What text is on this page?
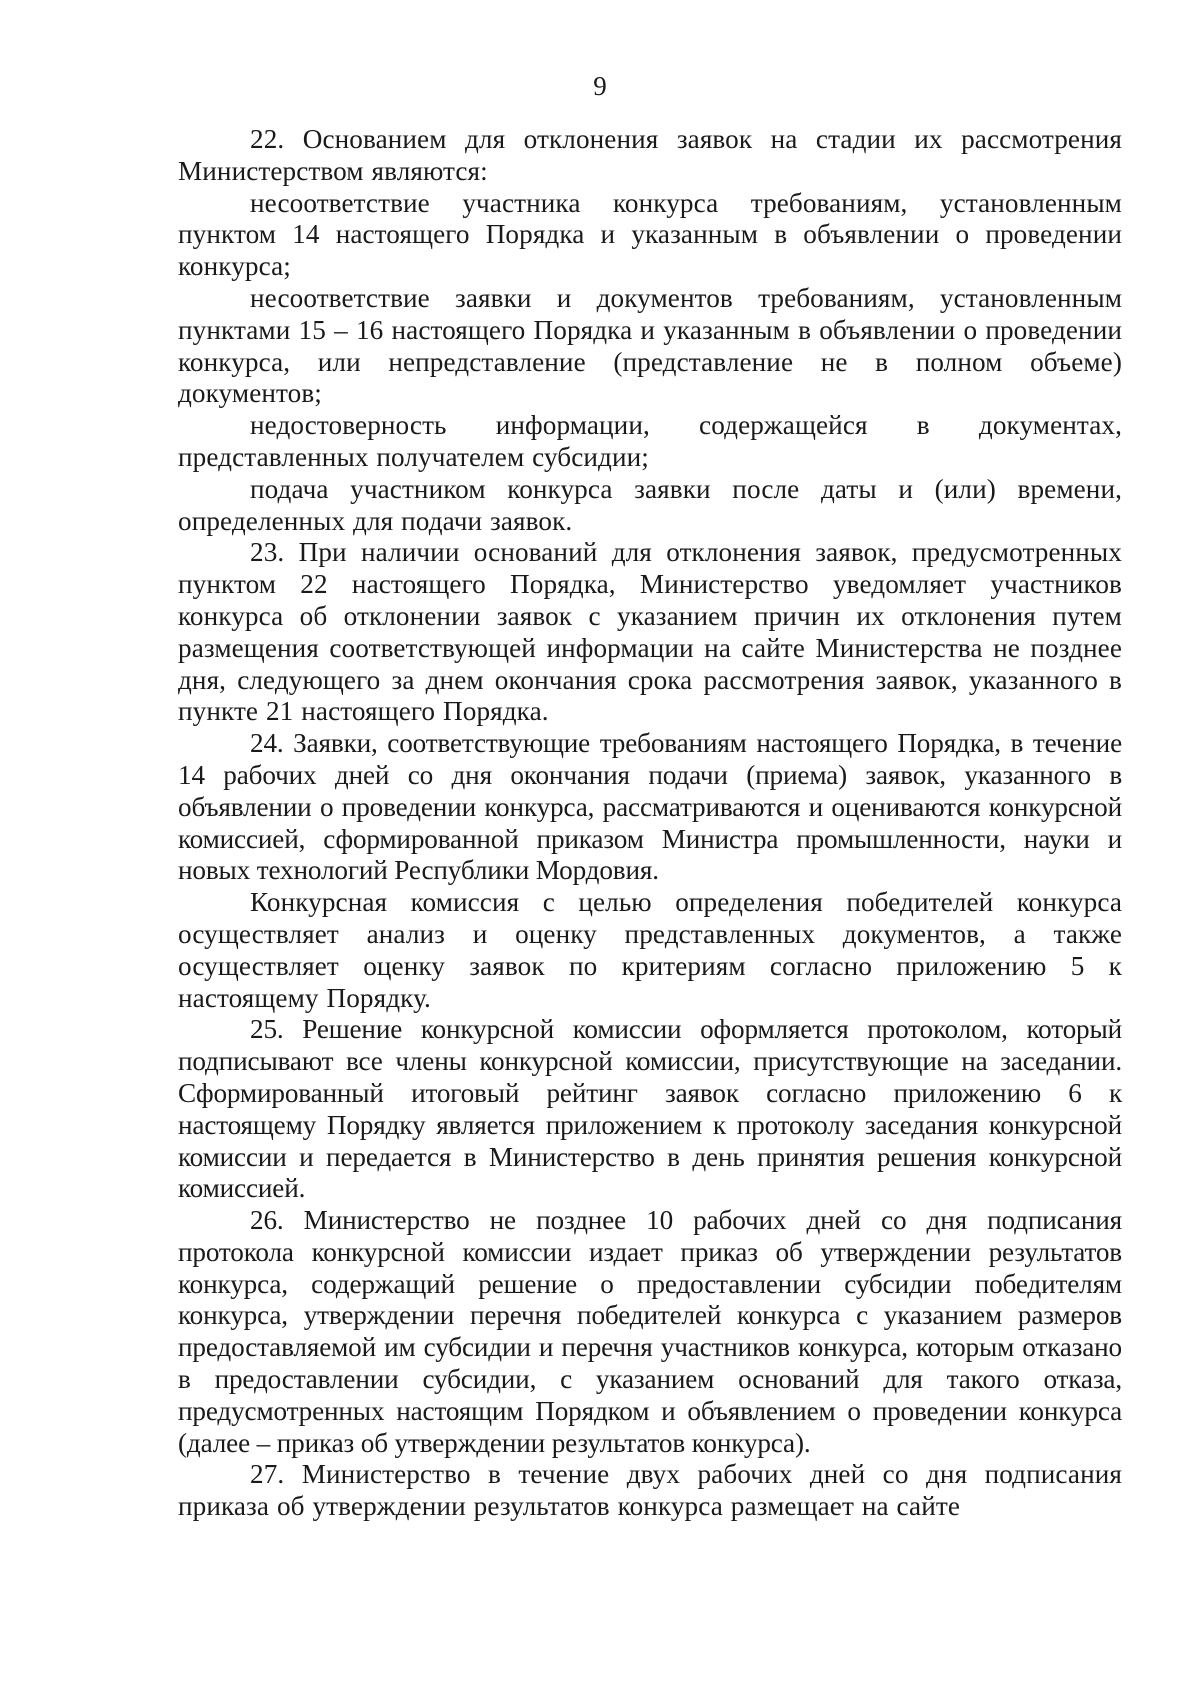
9

22. Основанием для отклонения заявок на стадии их рассмотрения Министерством являются:

несоответствие участника конкурса требованиям, установленным пунктом 14 настоящего Порядка и указанным в объявлении о проведении конкурса;

несоответствие заявки и документов требованиям, установленным пунктами 15 – 16 настоящего Порядка и указанным в объявлении о проведении конкурса, или непредставление (представление не в полном объеме) документов;

недостоверность информации, содержащейся в документах, представленных получателем субсидии;

подача участником конкурса заявки после даты и (или) времени, определенных для подачи заявок.

23. При наличии оснований для отклонения заявок, предусмотренных пунктом 22 настоящего Порядка, Министерство уведомляет участников конкурса об отклонении заявок с указанием причин их отклонения путем размещения соответствующей информации на сайте Министерства не позднее дня, следующего за днем окончания срока рассмотрения заявок, указанного в пункте 21 настоящего Порядка.

24. Заявки, соответствующие требованиям настоящего Порядка, в течение 14 рабочих дней со дня окончания подачи (приема) заявок, указанного в объявлении о проведении конкурса, рассматриваются и оцениваются конкурсной комиссией, сформированной приказом Министра промышленности, науки и новых технологий Республики Мордовия.

Конкурсная комиссия с целью определения победителей конкурса осуществляет анализ и оценку представленных документов, а также осуществляет оценку заявок по критериям согласно приложению 5 к настоящему Порядку.

25. Решение конкурсной комиссии оформляется протоколом, который подписывают все члены конкурсной комиссии, присутствующие на заседании. Сформированный итоговый рейтинг заявок согласно приложению 6 к настоящему Порядку является приложением к протоколу заседания конкурсной комиссии и передается в Министерство в день принятия решения конкурсной комиссией.

26. Министерство не позднее 10 рабочих дней со дня подписания протокола конкурсной комиссии издает приказ об утверждении результатов конкурса, содержащий решение о предоставлении субсидии победителям конкурса, утверждении перечня победителей конкурса с указанием размеров предоставляемой им субсидии и перечня участников конкурса, которым отказано в предоставлении субсидии, с указанием оснований для такого отказа, предусмотренных настоящим Порядком и объявлением о проведении конкурса (далее – приказ об утверждении результатов конкурса).

27. Министерство в течение двух рабочих дней со дня подписания приказа об утверждении результатов конкурса размещает на сайте
